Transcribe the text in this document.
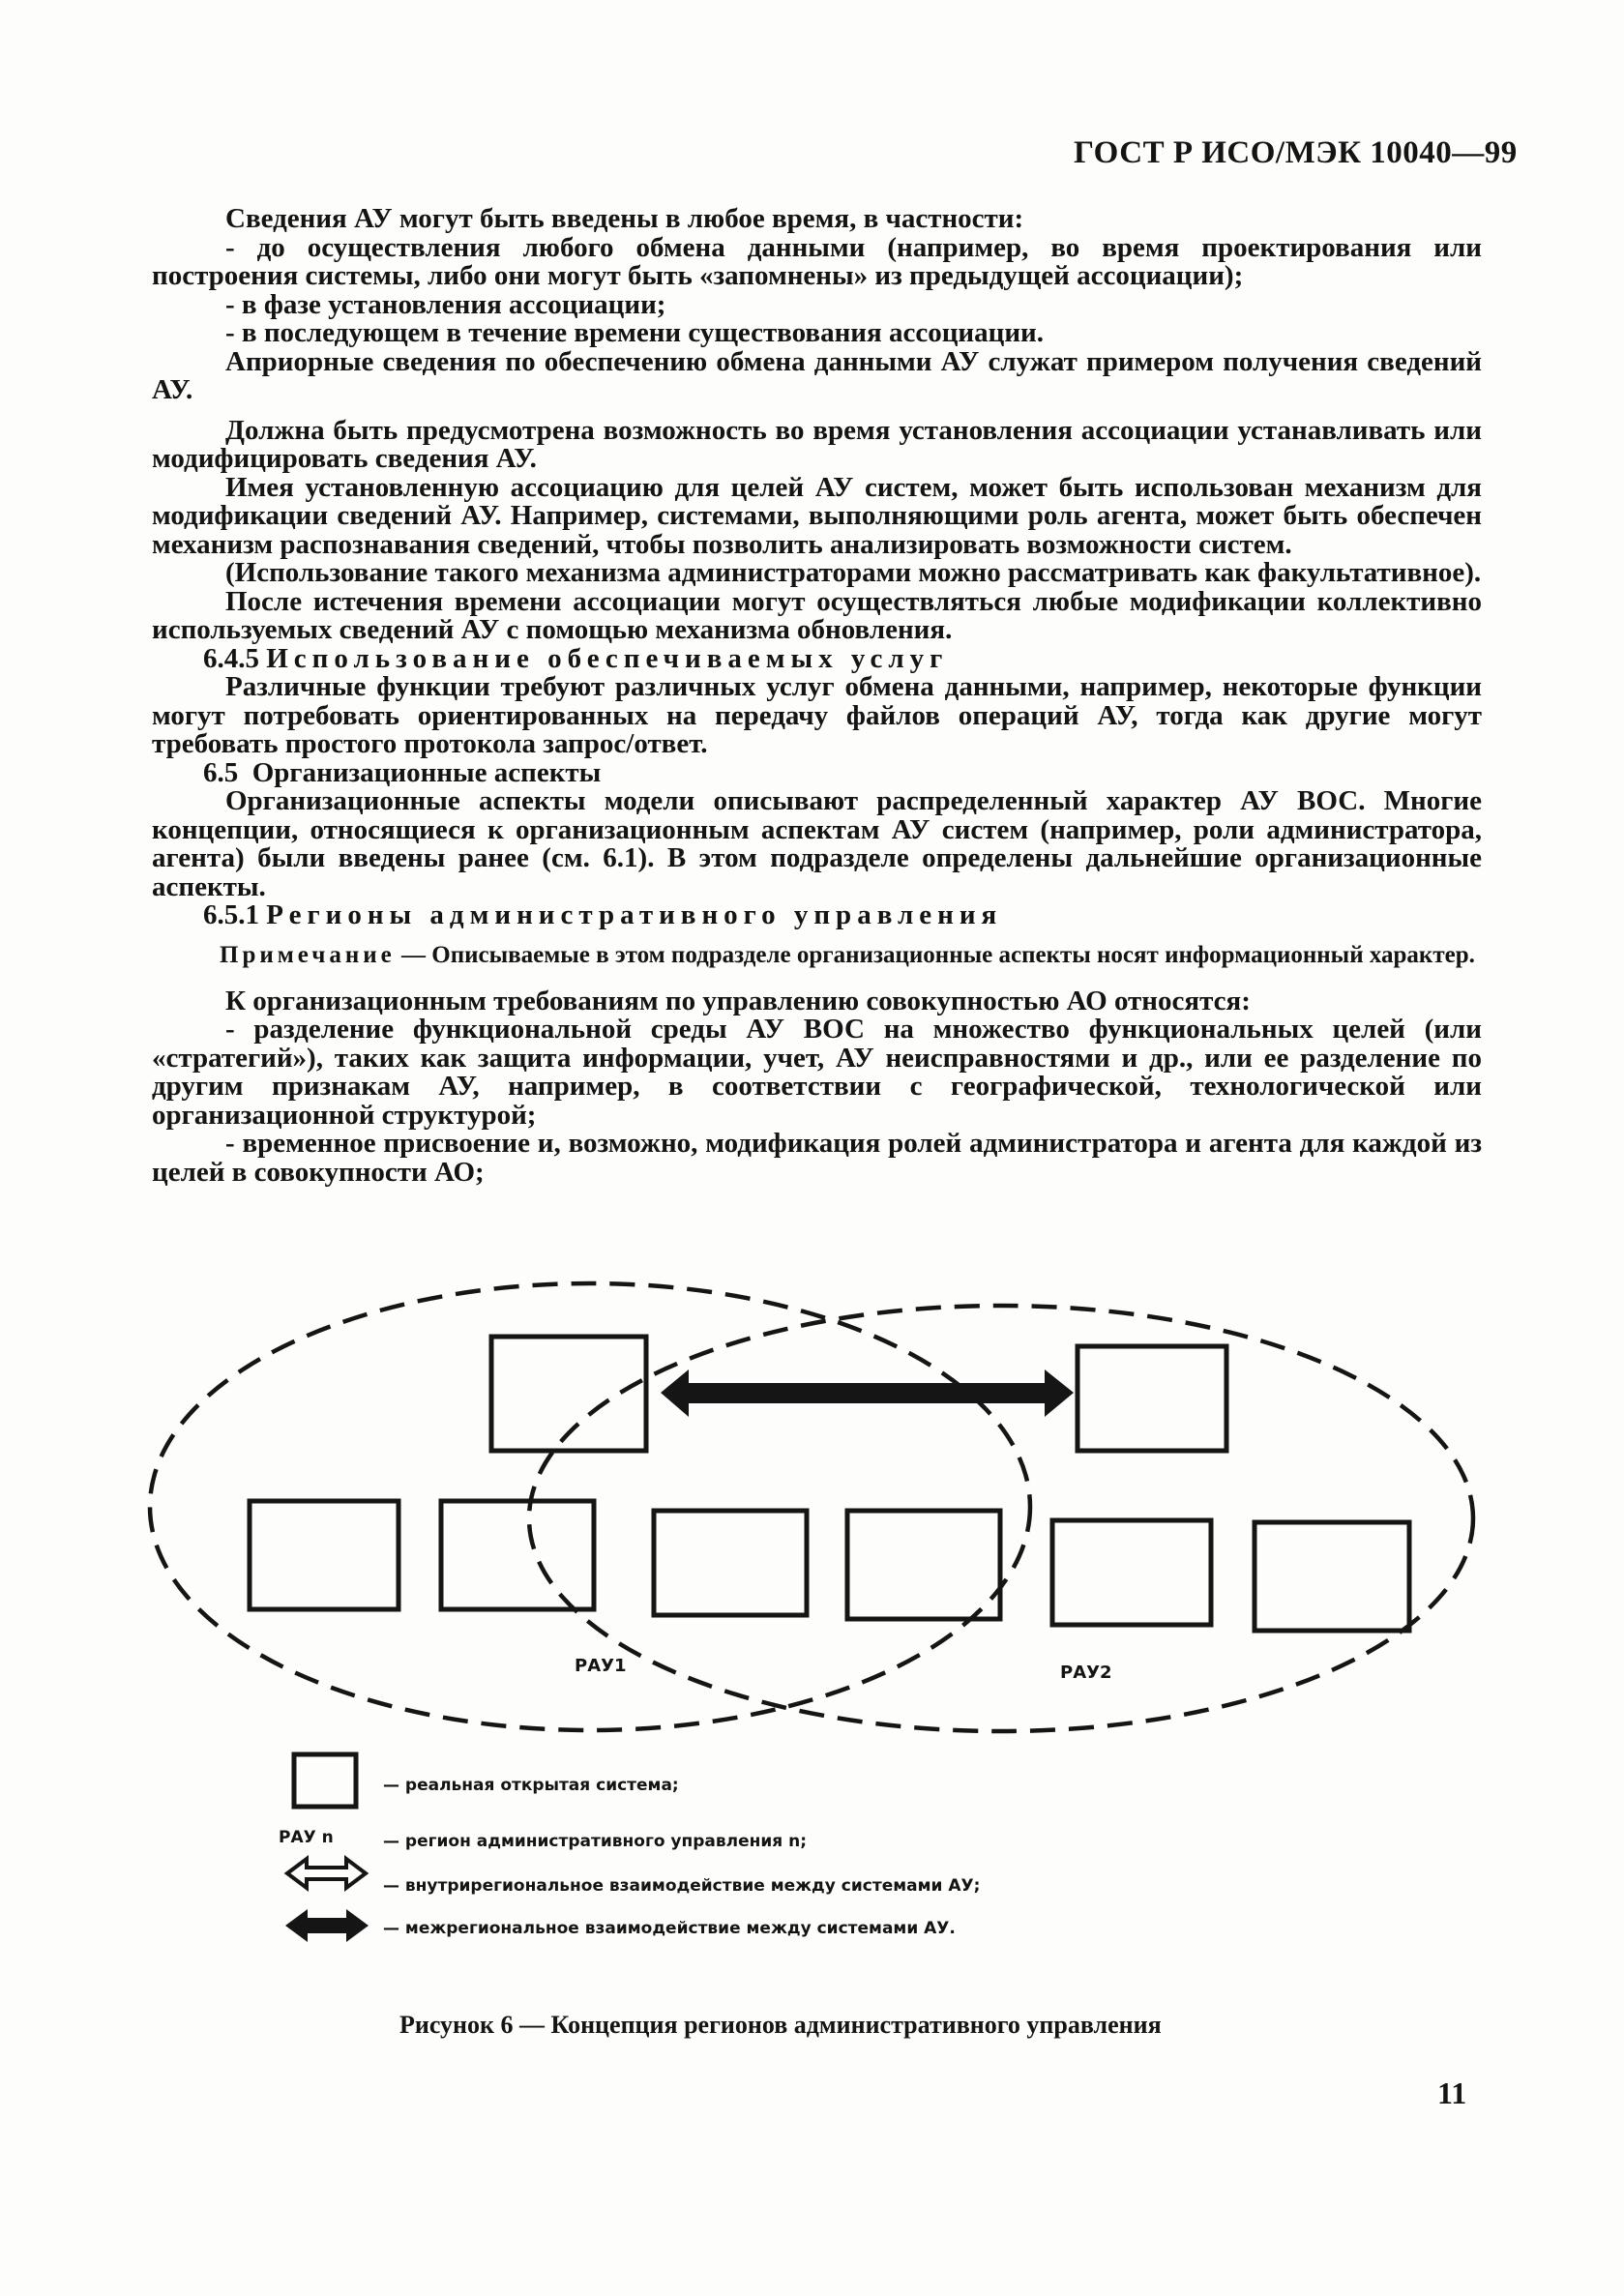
ГОСТ Р ИСО/МЭК 10040—99

Сведения АУ могут быть введены в любое время, в частности:

- до осуществления любого обмена данными (например, во время проектирования или построения системы, либо они могут быть «запомнены» из предыдущей ассоциации);

- в фазе установления ассоциации;

- в последующем в течение времени существования ассоциации.

Априорные сведения по обеспечению обмена данными АУ служат примером получения сведений АУ.

Должна быть предусмотрена возможность во время установления ассоциации устанавливать или модифицировать сведения АУ.

Имея установленную ассоциацию для целей АУ систем, может быть использован механизм для модификации сведений АУ. Например, системами, выполняющими роль агента, может быть обеспечен механизм распознавания сведений, чтобы позволить анализировать возможности систем.

(Использование такого механизма администраторами можно рассматривать как факультативное).

После истечения времени ассоциации могут осуществляться любые модификации коллективно используемых сведений АУ с помощью механизма обновления.

6.4.5 Использование обеспечиваемых услуг

Различные функции требуют различных услуг обмена данными, например, некоторые функции могут потребовать ориентированных на передачу файлов операций АУ, тогда как другие могут требовать простого протокола запрос/ответ.

6.5 Организационные аспекты

Организационные аспекты модели описывают распределенный характер АУ ВОС. Многие концепции, относящиеся к организационным аспектам АУ систем (например, роли администратора, агента) были введены ранее (см. 6.1). В этом подразделе определены дальнейшие организационные аспекты.

6.5.1 Регионы административного управления

Примечание — Описываемые в этом подразделе организационные аспекты носят информационный характер.

К организационным требованиям по управлению совокупностью АО относятся:

- разделение функциональной среды АУ ВОС на множество функциональных целей (или «стратегий»), таких как защита информации, учет, АУ неисправностями и др., или ее разделение по другим признакам АУ, например, в соответствии с географической, технологической или организационной структурой;

- временное присвоение и, возможно, модификация ролей администратора и агента для каждой из целей в совокупности АО;

РАУ1	РАУ2
— реальная открытая система;
РАУ n	— регион административного управления n;
— внутрирегиональное взаимодействие между системами АУ;
— межрегиональное взаимодействие между системами АУ.
Рисунок 6 — Концепция регионов административного управления
11
